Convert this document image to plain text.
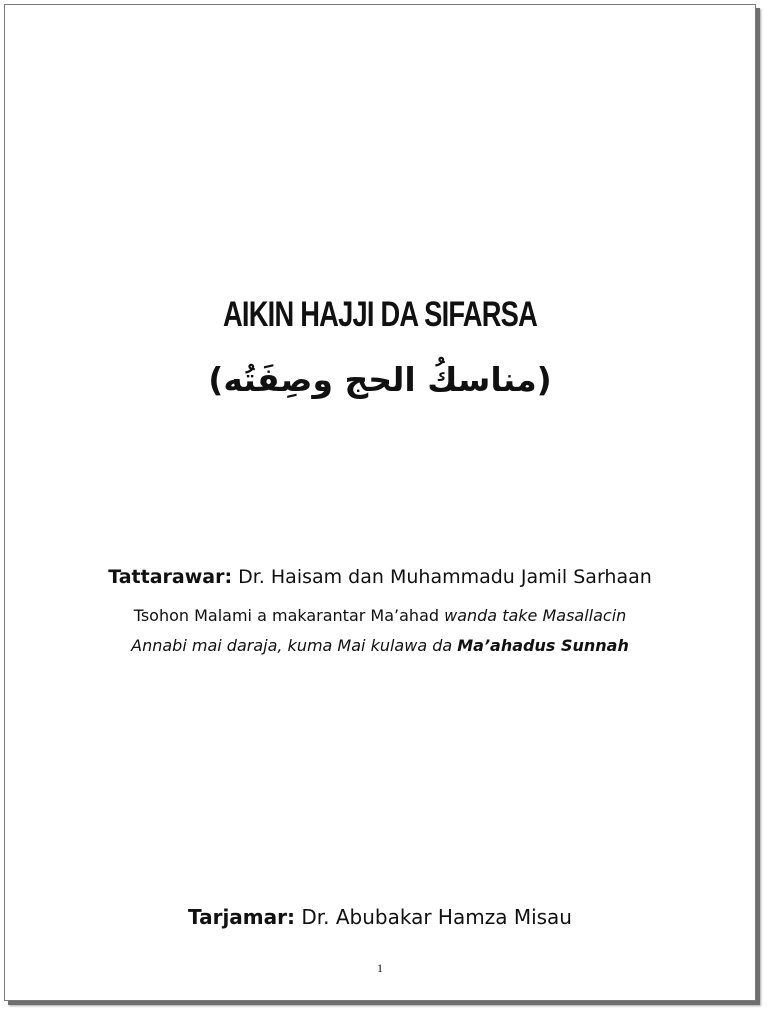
AIKIN HAJJI DA SIFARSA
(مناسكُ الحج وصِفَتُه)
Tattarawar: Dr. Haisam dan Muhammadu Jamil Sarhaan
Tsohon Malami a makarantar Ma’ahad wanda take Masallacin
Annabi mai daraja, kuma Mai kulawa da Ma’ahadus Sunnah
Tarjamar: Dr. Abubakar Hamza Misau
1
